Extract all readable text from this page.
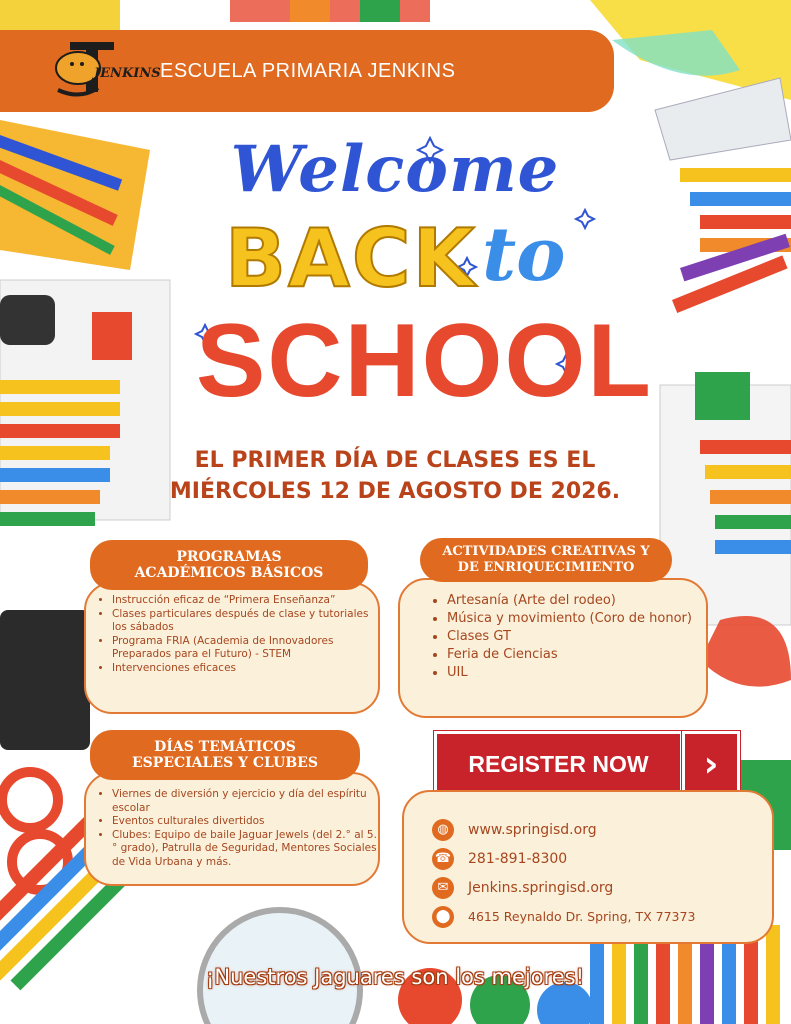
JENKINS ESCUELA PRIMARIA JENKINS
Welcome
BACK to
SCHOOL
EL PRIMER DÍA DE CLASES ES EL
MIÉRCOLES 12 DE AGOSTO DE 2026.
PROGRAMAS ACADÉMICOS BÁSICOS
• Instrucción eficaz de “Primera Enseñanza”
• Clases particulares después de clase y tutoriales los sábados
• Programa FRIA (Academia de Innovadores Preparados para el Futuro) - STEM
• Intervenciones eficaces
ACTIVIDADES CREATIVAS Y DE ENRIQUECIMIENTO
• Artesanía (Arte del rodeo)
• Música y movimiento (Coro de honor)
• Clases GT
• Feria de Ciencias
• UIL
DÍAS TEMÁTICOS ESPECIALES Y CLUBES
• Viernes de diversión y ejercicio y día del espíritu escolar
• Eventos culturales divertidos
• Clubes: Equipo de baile Jaguar Jewels (del 2.° al 5.° grado), Patrulla de Seguridad, Mentores Sociales de Vida Urbana y más.
REGISTER NOW	›
◍	www.springisd.org
☎ 281-891-8300
✉	Jenkins.springisd.org
⬤ 4615 Reynaldo Dr. Spring, TX 77373
¡Nuestros Jaguares son los mejores!
